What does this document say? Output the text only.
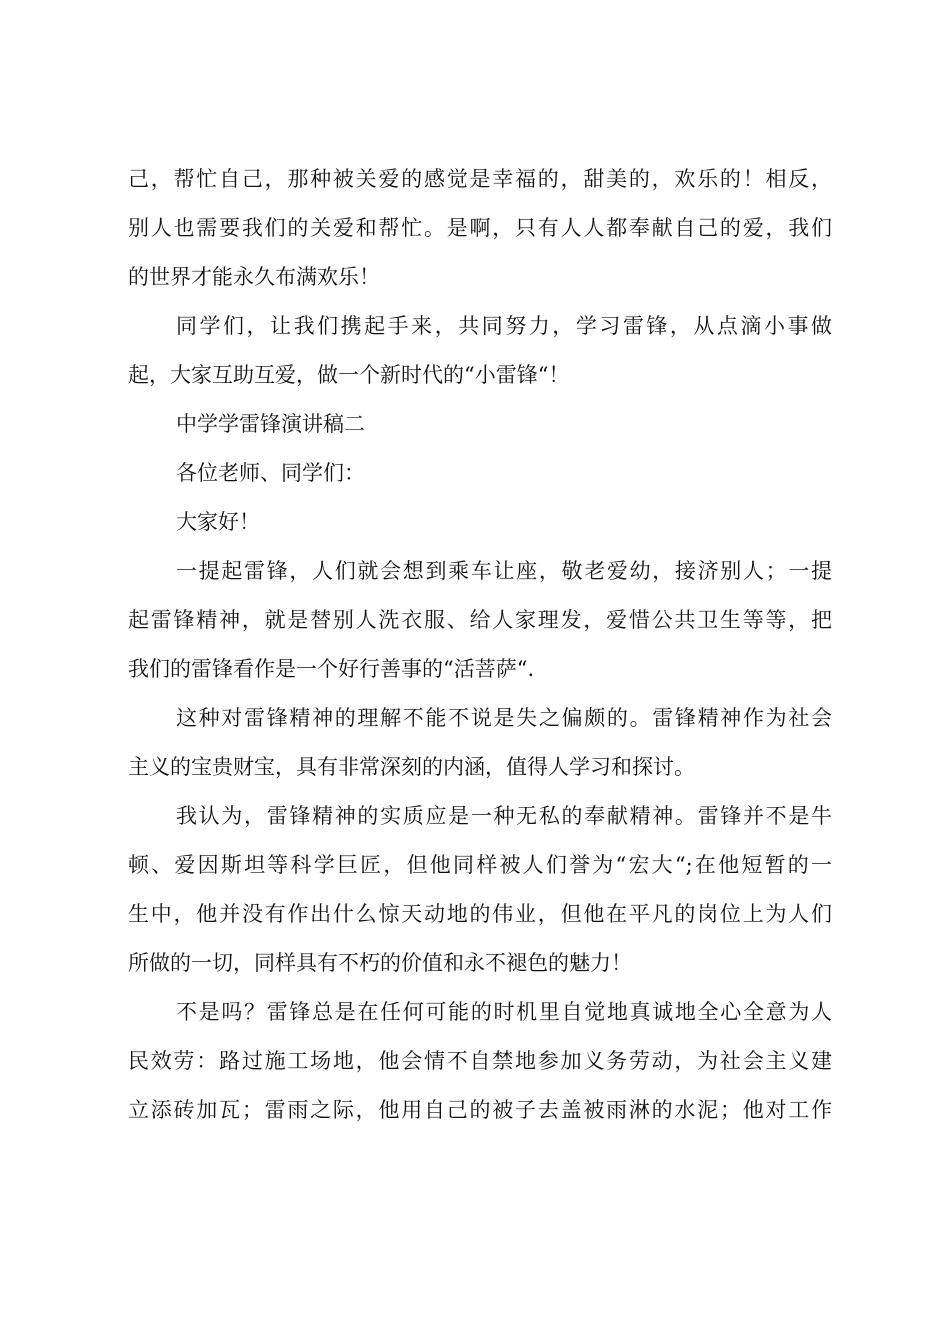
己，帮忙自己，那种被关爱的感觉是幸福的，甜美的，欢乐的！相反，
别人也需要我们的关爱和帮忙。是啊，只有人人都奉献自己的爱，我们
的世界才能永久布满欢乐！
同学们，让我们携起手来，共同努力，学习雷锋，从点滴小事做
起，大家互助互爱，做一个新时代的“小雷锋“！
中学学雷锋演讲稿二
各位老师、同学们：
大家好！
一提起雷锋，人们就会想到乘车让座，敬老爱幼，接济别人；一提
起雷锋精神，就是替别人洗衣服、给人家理发，爱惜公共卫生等等，把
我们的雷锋看作是一个好行善事的“活菩萨“.
这种对雷锋精神的理解不能不说是失之偏颇的。雷锋精神作为社会
主义的宝贵财宝，具有非常深刻的内涵，值得人学习和探讨。
我认为，雷锋精神的实质应是一种无私的奉献精神。雷锋并不是牛
顿、爱因斯坦等科学巨匠，但他同样被人们誉为“宏大“;在他短暂的一
生中，他并没有作出什么惊天动地的伟业，但他在平凡的岗位上为人们
所做的一切，同样具有不朽的价值和永不褪色的魅力！
不是吗？雷锋总是在任何可能的时机里自觉地真诚地全心全意为人
民效劳：路过施工场地，他会情不自禁地参加义务劳动，为社会主义建
立添砖加瓦；雷雨之际，他用自己的被子去盖被雨淋的水泥；他对工作
